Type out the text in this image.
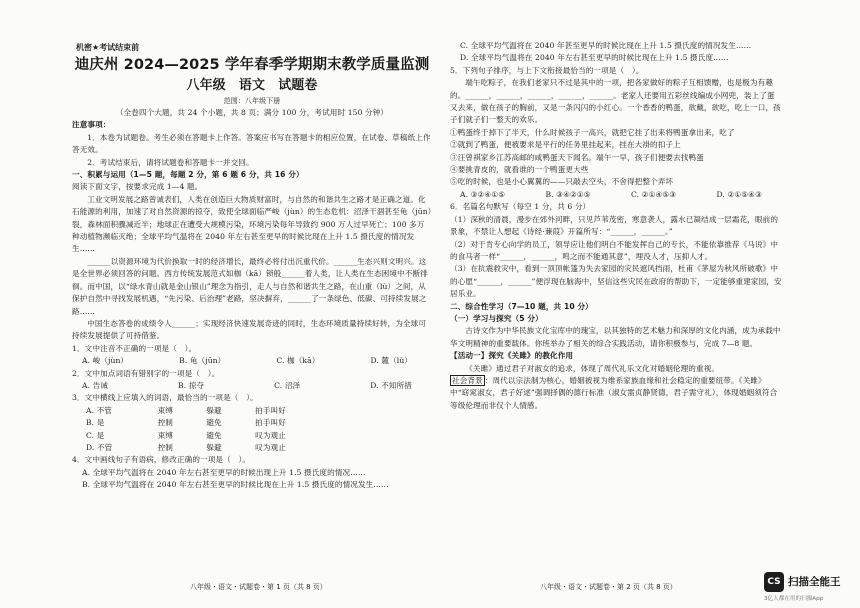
机密★考试结束前
迪庆州 2024—2025 学年春季学期期末教学质量监测
八年级　语文　试题卷
范围：八年级下册
（全卷四个大题，共 24 个小题，共 8 页；满分 100 分，考试用时 150 分钟）
注意事项：
1．本卷为试题卷。考生必须在答题卡上作答。答案应书写在答题卡的相应位置，在试卷、草稿纸上作答无效。
2．考试结束后，请将试题卷和答题卡一并交回。
一、积累与运用（1—5 题，每题 2 分，第 6 题 6 分，共 16 分）
阅读下面文字，按要求完成 1—4 题。
工业文明发展之路曾诚表们，人类在创造巨大物质财富时，与自然的和谐共生之路才是正确之道。化石能源的利用，加速了对自然资源的掠夺，致使全球面临严峻（jùn）的生态危机：沼泽干涸甚至龟（jūn）裂，森林面积骤减近半；地球正在遭受大规模污染，环境污染每年导致约 900 万人过早死亡；100 多万种动植物濒临灭绝；全球平均气温将在 2040 年左右甚至更早的时候比现在上升 1.5 摄氏度的情况发生……
______以资源环境为代价换取一时的经济增长，最终必将付出沉重代价。______生态兴则文明兴。这是全世界必须回答的问题。西方传统发展范式如枷（kā）锁般______着人类，让人类在生态困境中不断徘徊。而中国，以“绿水青山就是金山银山”理念为指引，走人与自然和谐共生之路，在山重（lù）之间，从保护自然中寻找发展机遇，“先污染、后治理”老路，坚决摒弃，______了一条绿色、低碳、可持续发展之路……
中国生态答卷的成绩令人______；实现经济快速发展奇迹的同时，生态环境质量持续好转，为全球可持续发展提供了可持借鉴。
1．文中注音不正确的一项是（　）。
A. 峻（jùn）	B. 龟（jūn）	C. 枷（kā）	D. 麓（lù）
2．文中加点词语有错别字的一项是（　）。
A. 告诫	B. 掠夺	C. 沼泽	D. 不知所措
3．文中横线上应填入的词语，最恰当的一项是（　）。
A. 不管	束缚	躲避	拍手叫好
B. 是	控制	避免	拍手叫好
C. 是	束缚	避免	叹为观止
D. 不管	控制	躲避	叹为观止
4．文中画线句子有语病，修改正确的一项是（　）。
A. 全球平均气温将在 2040 年左右甚至更早的时候出现上升 1.5 摄氏度的情况……
B. 全球平均气温将在 2040 年左右甚至更早的时候比现在上升 1.5 摄氏度的情况发生……
八年级・语文・试题卷・第 1 页（共 8 页）
C. 全球平均气温将在 2040 年甚至更早的时候比现在上升 1.5 摄氏度的情况发生……
D. 全球平均气温将在 2040 年左右甚至更早的时候比现在上升 1.5 摄氏度……
5．下列句子排序，与上下文衔接最恰当的一项是（　）。
端午吃粽子，在我们老家只不过是其中的一项，把各家做好的粽子互相馈赠，也是极为有趣的。______，______，______，______，______。老家人还要用五彩丝线编成小网兜，装上了蛋又去来，做在孩子的胸前，又是一条闪闪的小红心。一个香香的鸭蛋，欲戴，欲吃，吃上一口，孩子们就子们一整天的欢乐。
①鸭蛋终于掉下了半天，什么时候孩子一高兴，就把它挂了出来将鸭蛋拿出来，吃了
②就到了鸭蛋，便被要求是平行的任务里挂起来，挂在大褂的扣子上
③汪曾祺家乡江苏高邮的咸鸭蛋天下闻名。端午一早，孩子们便要去找鸭蛋
④要挑青皮的，就看谁的一个鸭蛋更大些
⑤吃的时候，也是小心翼翼的——只敲去空头，不舍得把整个弄坏
A. ③②④①⑤	B. ③④②①⑤	C. ②①④⑤③	D. ②①⑤④③
6．名篇名句默写（每空 1 分，共 6 分）
（1）深秋的清晨，漫步在郊外河畔，只见芦苇茂密，寒意袭人，露水已凝结成一层霜花，眼前的景象，不禁让人想起《诗经·蒹葭》开篇所写：“______，______。”
（2）对于肯专心向学的员工，领导应让他们明白不能发挥自己的专长，不能依靠推荐《马说》中的食马者一样“______，______，鸣之而不能通其意”，埋没人才，压抑人才。
（3）在抗震救灾中，看到一顶顶帐篷为失去家园的灾民遮风挡雨，杜甫《茅屋为秋风所破歌》中的心愿“______，______”便浮现在脑海中，坚信这些灾民在政府的帮助下，一定能够重建家园，安居乐业。
二、综合性学习（7—10 题，共 10 分）
（一）学习与探究（5 分）
古诗文作为中华民族文化宝库中的瑰宝，以其独特的艺术魅力和深厚的文化内涵，成为承载中华文明精神的重要载体。你班举办了相关的综合实践活动，请你积极参与，完成 7—8 题。
【活动一】探究《关雎》的教化作用
《关雎》通过君子对淑女的追求，体现了周代礼乐文化对婚姻伦理的重视。
社会背景 ：周代以宗法制为核心，婚姻被视为维系家族血缘和社会稳定的重要纽带。《关雎》中“窈窕淑女，君子好逑”强调择偶的德行标准（淑女需贞静贤德，君子需守礼），体现婚姻须符合等级伦理而非仅个人情感。
八年级・语文・试题卷・第 2 页（共 8 页）	CS 扫描全能王
3亿人都在用的扫描App
